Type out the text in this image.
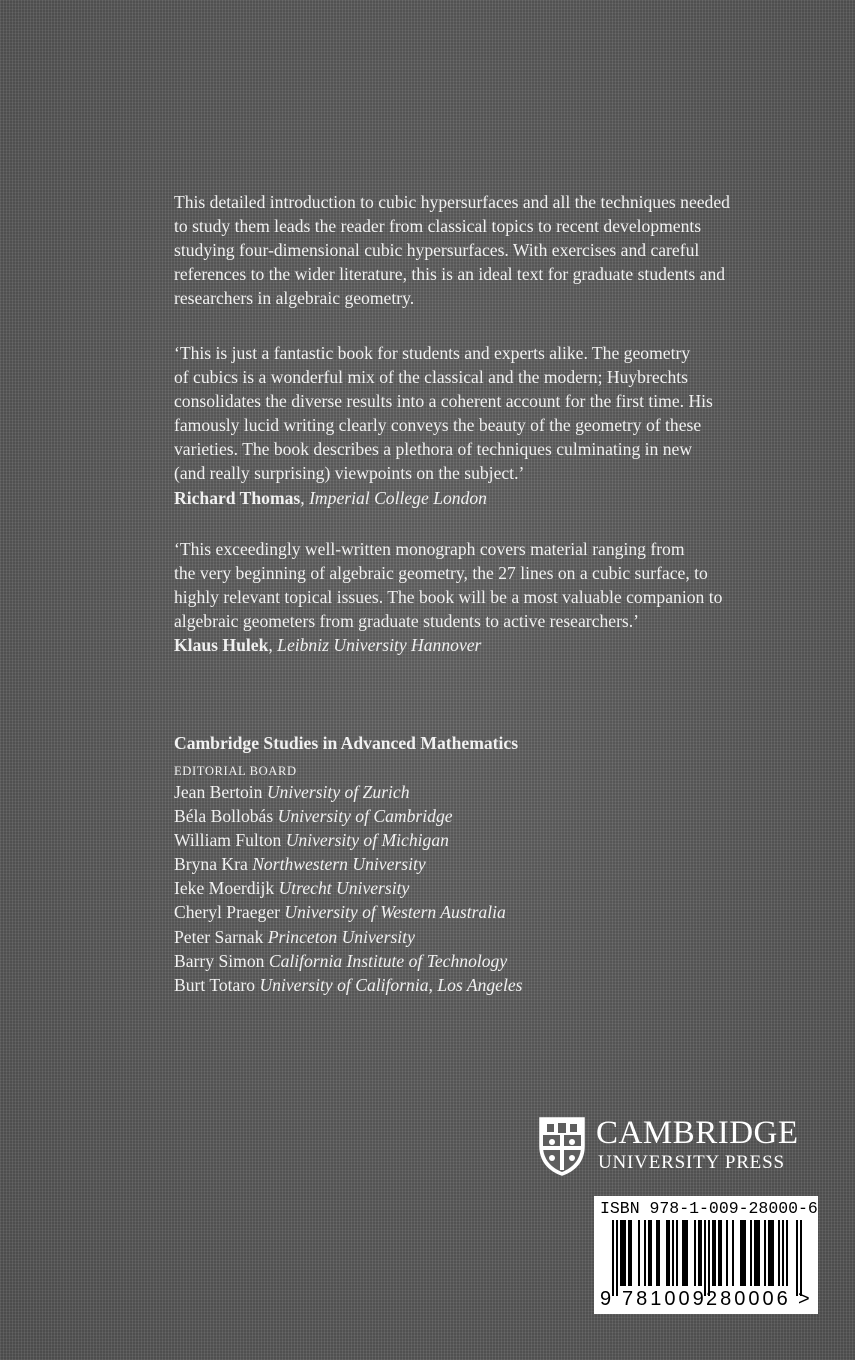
This detailed introduction to cubic hypersurfaces and all the techniques needed
to study them leads the reader from classical topics to recent developments
studying four-dimensional cubic hypersurfaces. With exercises and careful
references to the wider literature, this is an ideal text for graduate students and
researchers in algebraic geometry.
‘This is just a fantastic book for students and experts alike. The geometry
of cubics is a wonderful mix of the classical and the modern; Huybrechts
consolidates the diverse results into a coherent account for the first time. His
famously lucid writing clearly conveys the beauty of the geometry of these
varieties. The book describes a plethora of techniques culminating in new
(and really surprising) viewpoints on the subject.’
Richard Thomas, Imperial College London
‘This exceedingly well-written monograph covers material ranging from
the very beginning of algebraic geometry, the 27 lines on a cubic surface, to
highly relevant topical issues. The book will be a most valuable companion to
algebraic geometers from graduate students to active researchers.’
Klaus Hulek, Leibniz University Hannover
Cambridge Studies in Advanced Mathematics
EDITORIAL BOARD
Jean Bertoin University of Zurich
Béla Bollobás University of Cambridge
William Fulton University of Michigan
Bryna Kra Northwestern University
Ieke Moerdijk Utrecht University
Cheryl Praeger University of Western Australia
Peter Sarnak Princeton University
Barry Simon California Institute of Technology
Burt Totaro University of California, Los Angeles
CAMBRIDGE
UNIVERSITY PRESS
ISBN 978-1-009-28000-6
9 781009 280006 >
